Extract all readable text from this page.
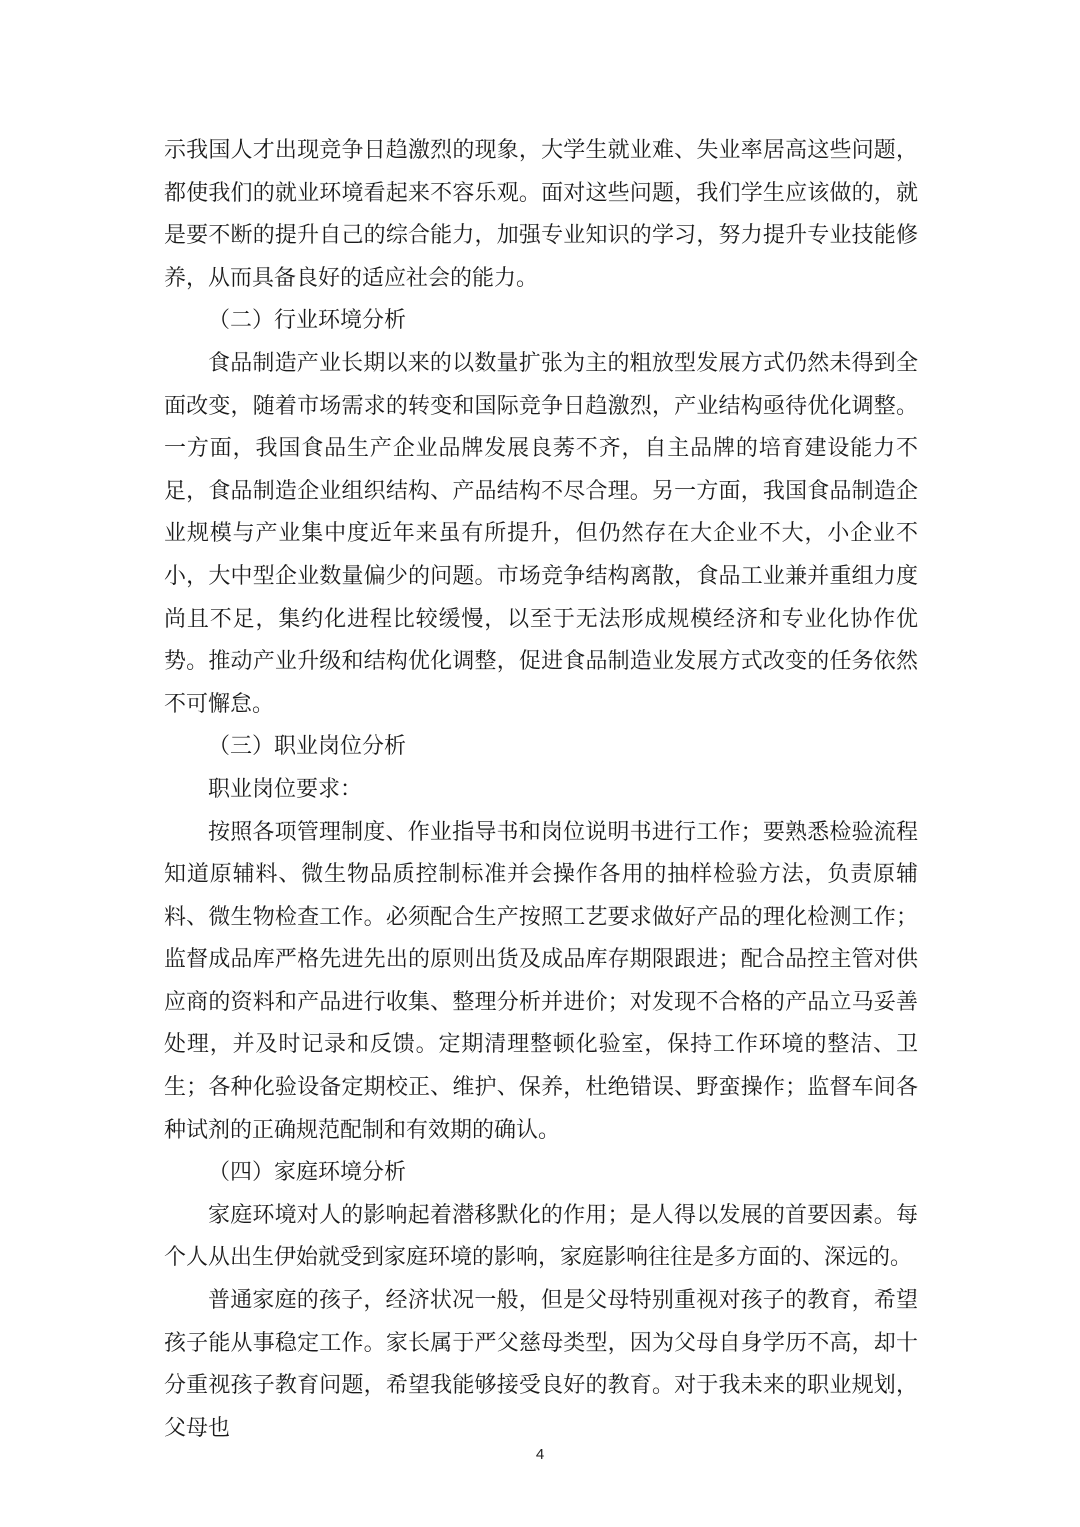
示我国人才出现竞争日趋激烈的现象，大学生就业难、失业率居高这些问题，都使我们的就业环境看起来不容乐观。面对这些问题，我们学生应该做的，就是要不断的提升自己的综合能力，加强专业知识的学习，努力提升专业技能修养，从而具备良好的适应社会的能力。

（二）行业环境分析

食品制造产业长期以来的以数量扩张为主的粗放型发展方式仍然未得到全面改变，随着市场需求的转变和国际竞争日趋激烈，产业结构亟待优化调整。一方面，我国食品生产企业品牌发展良莠不齐，自主品牌的培育建设能力不足，食品制造企业组织结构、产品结构不尽合理。另一方面，我国食品制造企业规模与产业集中度近年来虽有所提升，但仍然存在大企业不大，小企业不小，大中型企业数量偏少的问题。市场竞争结构离散，食品工业兼并重组力度尚且不足，集约化进程比较缓慢，以至于无法形成规模经济和专业化协作优势。推动产业升级和结构优化调整，促进食品制造业发展方式改变的任务依然不可懈怠。

（三）职业岗位分析

职业岗位要求：

按照各项管理制度、作业指导书和岗位说明书进行工作；要熟悉检验流程知道原辅料、微生物品质控制标准并会操作各用的抽样检验方法，负责原辅料、微生物检查工作。必须配合生产按照工艺要求做好产品的理化检测工作；监督成品库严格先进先出的原则出货及成品库存期限跟进；配合品控主管对供应商的资料和产品进行收集、整理分析并进价；对发现不合格的产品立马妥善处理，并及时记录和反馈。定期清理整顿化验室，保持工作环境的整洁、卫生；各种化验设备定期校正、维护、保养，杜绝错误、野蛮操作；监督车间各种试剂的正确规范配制和有效期的确认。

（四）家庭环境分析

家庭环境对人的影响起着潜移默化的作用；是人得以发展的首要因素。每个人从出生伊始就受到家庭环境的影响，家庭影响往往是多方面的、深远的。

普通家庭的孩子，经济状况一般，但是父母特别重视对孩子的教育，希望孩子能从事稳定工作。家长属于严父慈母类型，因为父母自身学历不高，却十分重视孩子教育问题，希望我能够接受良好的教育。对于我未来的职业规划，父母也

4
